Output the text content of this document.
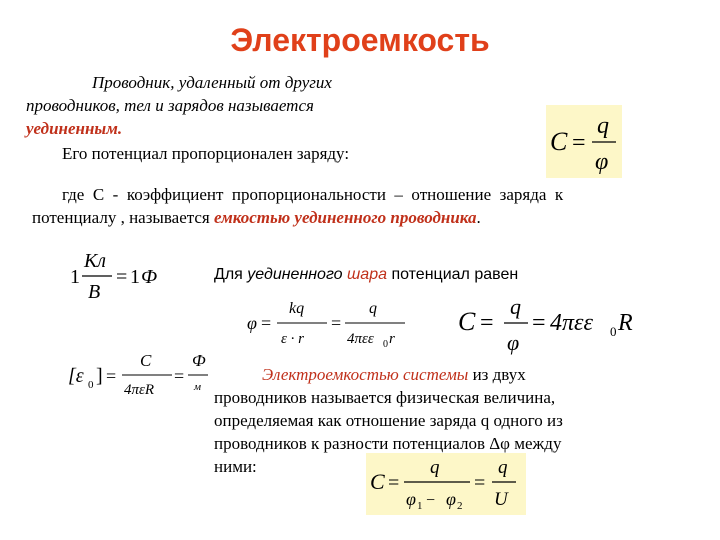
Электроемкость
Проводник, удаленный от других
проводников, тел и зарядов называется
уединенным.
Его потенциал пропорционален заряду:	C =
q
φ
где  С  -  коэффициент  пропорциональности  –  отношение  заряда  к
потенциалу , называется емкостью уединенного проводника.
1
Кл
В
= 1 Ф	Для уединенного шара потенциал равен
φ =
kq
ε · r
=
q
4πεε 0 r
C =
q
φ
= 4πεε 0 R
[ε 0 ] =
C
4πεR
=
Ф
м
Электроемкостью системы из двух
проводников называется физическая величина,
определяемая как отношение заряда q одного из
проводников к разности потенциалов Δφ между
ними:
C =
q
φ 1 − φ 2
=
q
U
